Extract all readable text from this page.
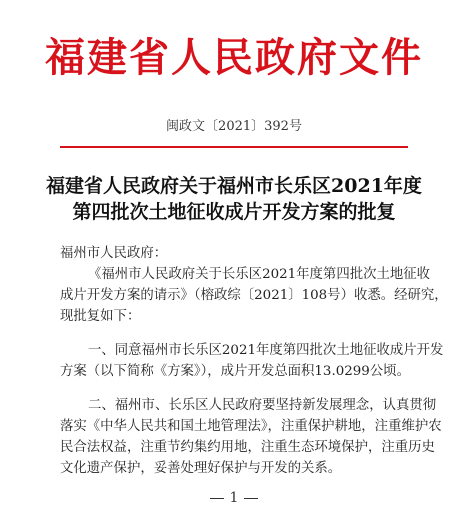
福建省人民政府文件
闽政文〔2021〕392号
福建省人民政府关于福州市长乐区2021年度
第四批次土地征收成片开发方案的批复
福州市人民政府：
《福州市人民政府关于长乐区2021年度第四批次土地征收
成片开发方案的请示》（榕政综〔2021〕108号）收悉。经研究，
现批复如下：
一、同意福州市长乐区2021年度第四批次土地征收成片开发
方案（以下简称《方案》），成片开发总面积13.0299公顷。
二、福州市、长乐区人民政府要坚持新发展理念，认真贯彻
落实《中华人民共和国土地管理法》，注重保护耕地，注重维护农
民合法权益，注重节约集约用地，注重生态环境保护，注重历史
文化遗产保护，妥善处理好保护与开发的关系。
1
